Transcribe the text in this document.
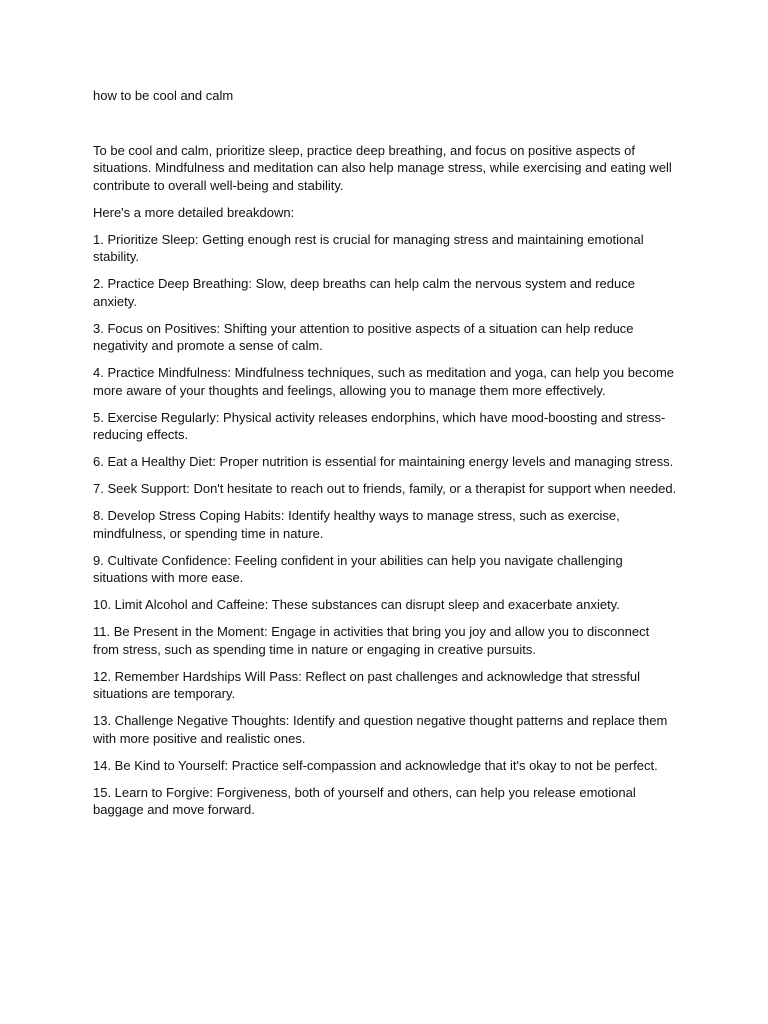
how to be cool and calm

To be cool and calm, prioritize sleep, practice deep breathing, and focus on positive aspects of situations. Mindfulness and meditation can also help manage stress, while exercising and eating well contribute to overall well-being and stability.

Here's a more detailed breakdown:

1. Prioritize Sleep: Getting enough rest is crucial for managing stress and maintaining emotional stability.

2. Practice Deep Breathing: Slow, deep breaths can help calm the nervous system and reduce anxiety.

3. Focus on Positives: Shifting your attention to positive aspects of a situation can help reduce negativity and promote a sense of calm.

4. Practice Mindfulness: Mindfulness techniques, such as meditation and yoga, can help you become more aware of your thoughts and feelings, allowing you to manage them more effectively.

5. Exercise Regularly: Physical activity releases endorphins, which have mood-boosting and stress-reducing effects.

6. Eat a Healthy Diet: Proper nutrition is essential for maintaining energy levels and managing stress.

7. Seek Support: Don't hesitate to reach out to friends, family, or a therapist for support when needed.

8. Develop Stress Coping Habits: Identify healthy ways to manage stress, such as exercise, mindfulness, or spending time in nature.

9. Cultivate Confidence: Feeling confident in your abilities can help you navigate challenging situations with more ease.

10. Limit Alcohol and Caffeine: These substances can disrupt sleep and exacerbate anxiety.

11. Be Present in the Moment: Engage in activities that bring you joy and allow you to disconnect from stress, such as spending time in nature or engaging in creative pursuits.

12. Remember Hardships Will Pass: Reflect on past challenges and acknowledge that stressful situations are temporary.

13. Challenge Negative Thoughts: Identify and question negative thought patterns and replace them with more positive and realistic ones.

14. Be Kind to Yourself: Practice self-compassion and acknowledge that it's okay to not be perfect.

15. Learn to Forgive: Forgiveness, both of yourself and others, can help you release emotional baggage and move forward.
